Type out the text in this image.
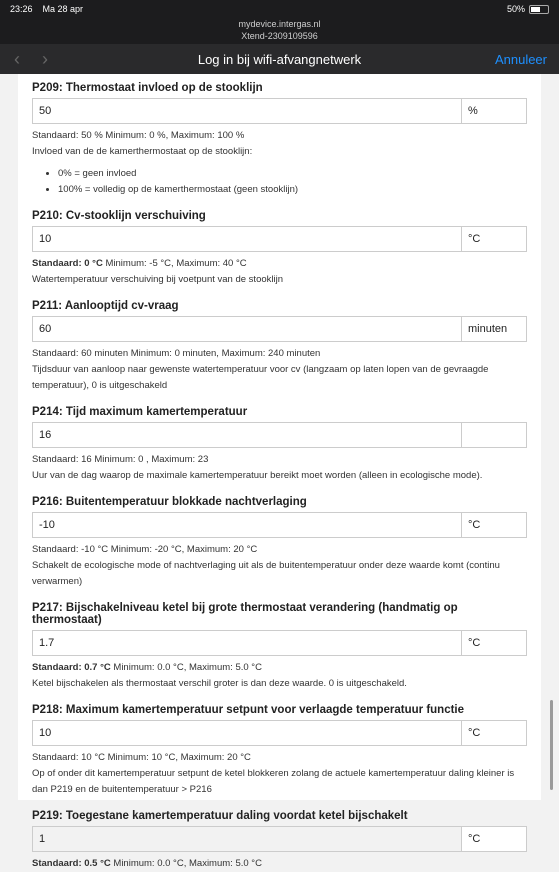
23:26 Ma 28 apr	50%
mydevice.intergas.nl
Xtend-2309109596
‹ ›	Log in bij wifi-afvangnetwerk	Annuleer
P209: Thermostaat invloed op de stooklijn
50	%
Standaard: 50 % Minimum: 0 %, Maximum: 100 %
Invloed van de de kamerthermostaat op de stooklijn:
• 0% = geen invloed
• 100% = volledig op de kamerthermostaat (geen stooklijn)
P210: Cv-stooklijn verschuiving
10	°C
Standaard: 0 °C Minimum: -5 °C, Maximum: 40 °C
Watertemperatuur verschuiving bij voetpunt van de stooklijn
P211: Aanlooptijd cv-vraag
60	minuten
Standaard: 60 minuten Minimum: 0 minuten, Maximum: 240 minuten
Tijdsduur van aanloop naar gewenste watertemperatuur voor cv (langzaam op laten lopen van de gevraagde temperatuur), 0 is uitgeschakeld
P214: Tijd maximum kamertemperatuur
16
Standaard: 16 Minimum: 0 , Maximum: 23
Uur van de dag waarop de maximale kamertemperatuur bereikt moet worden (alleen in ecologische mode).
P216: Buitentemperatuur blokkade nachtverlaging
-10	°C
Standaard: -10 °C Minimum: -20 °C, Maximum: 20 °C
Schakelt de ecologische mode of nachtverlaging uit als de buitentemperatuur onder deze waarde komt (continu verwarmen)
P217: Bijschakelniveau ketel bij grote thermostaat verandering (handmatig op thermostaat)
1.7	°C
Standaard: 0.7 °C Minimum: 0.0 °C, Maximum: 5.0 °C
Ketel bijschakelen als thermostaat verschil groter is dan deze waarde. 0 is uitgeschakeld.
P218: Maximum kamertemperatuur setpunt voor verlaagde temperatuur functie
10	°C
Standaard: 10 °C Minimum: 10 °C, Maximum: 20 °C
Op of onder dit kamertemperatuur setpunt de ketel blokkeren zolang de actuele kamertemperatuur daling kleiner is dan P219 en de buitentemperatuur > P216
P219: Toegestane kamertemperatuur daling voordat ketel bijschakelt
1	°C
Standaard: 0.5 °C Minimum: 0.0 °C, Maximum: 5.0 °C
